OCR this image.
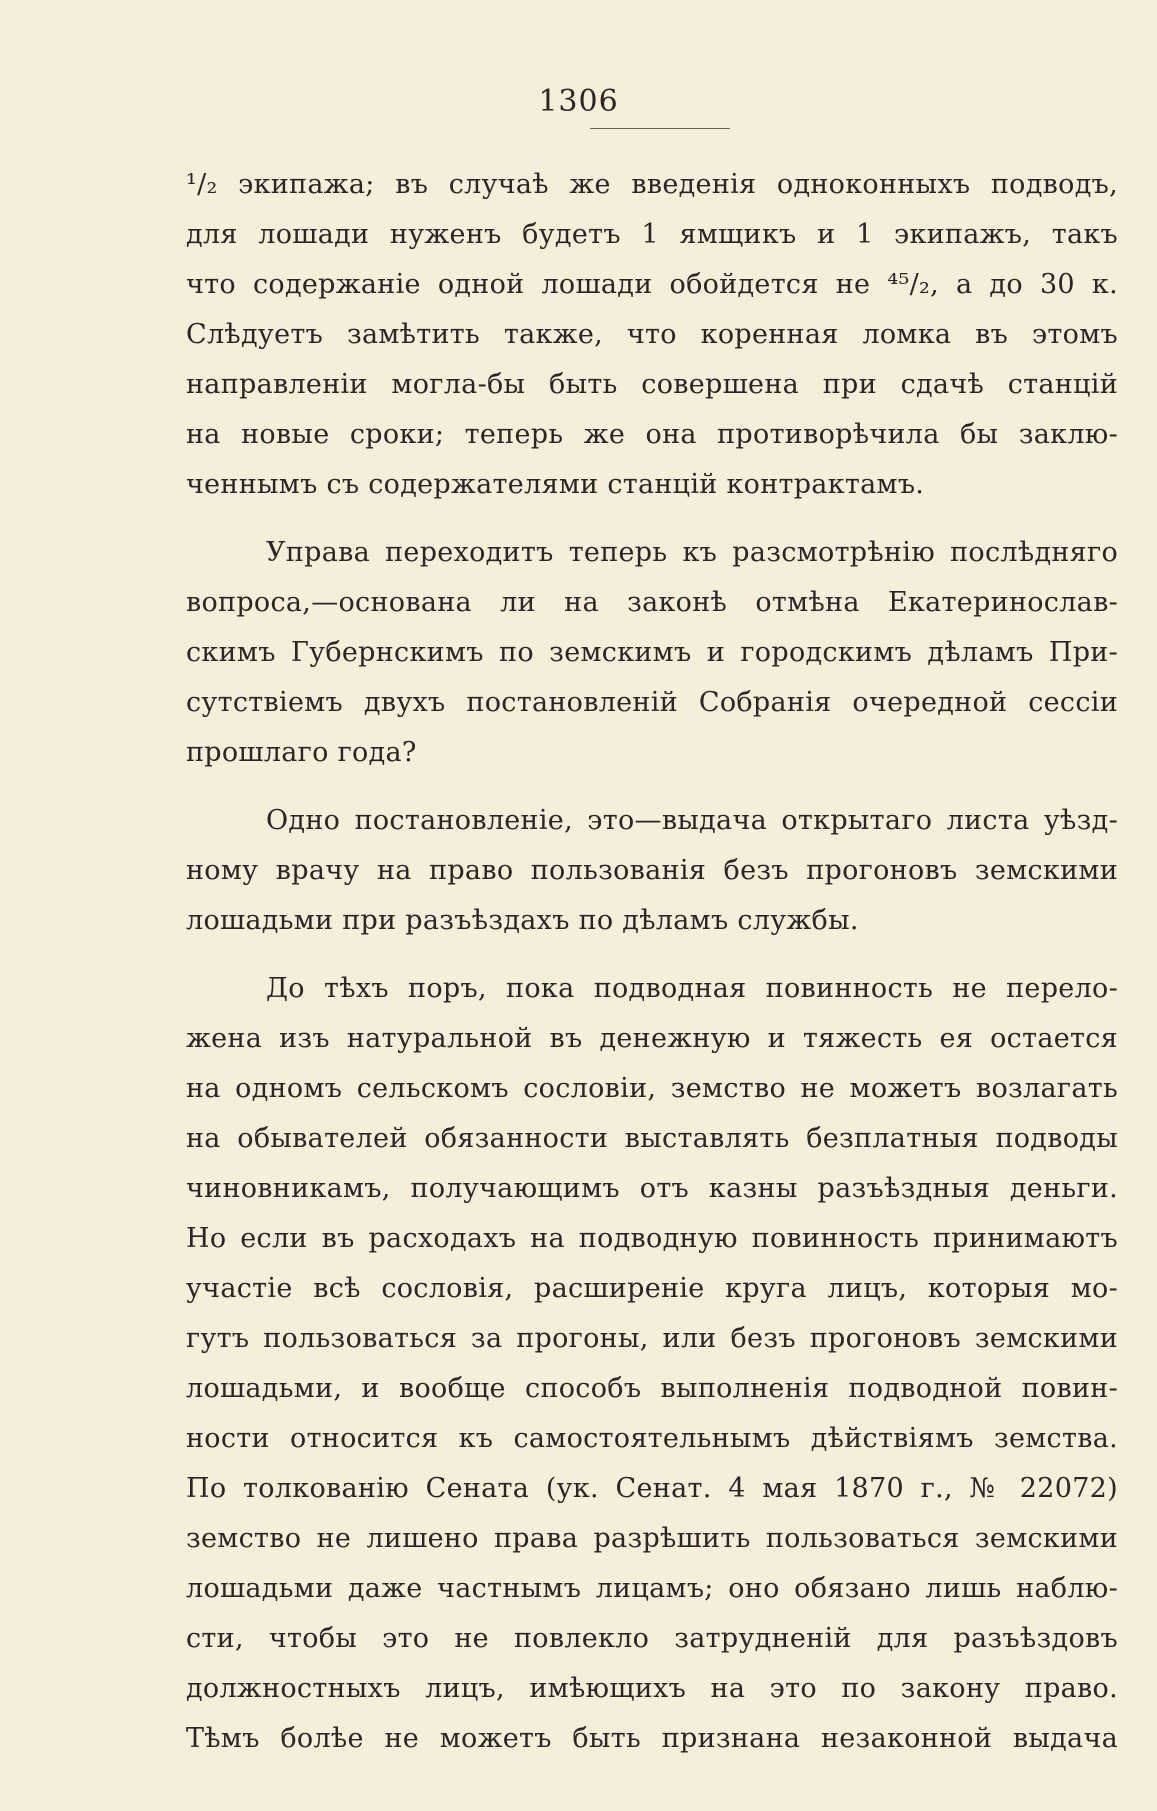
1306
¹/₂ экипажа; въ случаѣ же введенія одноконныхъ подводъ,
для лошади нуженъ будетъ 1 ямщикъ и 1 экипажъ, такъ
что содержаніе одной лошади обойдется не ⁴⁵/₂, а до 30 к.
Слѣдуетъ замѣтить также, что коренная ломка въ этомъ
направленіи могла-бы быть совершена при сдачѣ станцій
на новые сроки; теперь же она противорѣчила бы заклю-
ченнымъ съ содержателями станцій контрактамъ.
Управа переходитъ теперь къ разсмотрѣнію послѣдняго
вопроса,—основана ли на законѣ отмѣна Екатеринослав-
скимъ Губернскимъ по земскимъ и городскимъ дѣламъ При-
сутствіемъ двухъ постановленій Собранія очередной сессіи
прошлаго года?
Одно постановленіе, это—выдача открытаго листа уѣзд-
ному врачу на право пользованія безъ прогоновъ земскими
лошадьми при разъѣздахъ по дѣламъ службы.
До тѣхъ поръ, пока подводная повинность не перело-
жена изъ натуральной въ денежную и тяжесть ея остается
на одномъ сельскомъ сословіи, земство не можетъ возлагать
на обывателей обязанности выставлять безплатныя подводы
чиновникамъ, получающимъ отъ казны разъѣздныя деньги.
Но если въ расходахъ на подводную повинность принимаютъ
участіе всѣ сословія, расширеніе круга лицъ, которыя мо-
гутъ пользоваться за прогоны, или безъ прогоновъ земскими
лошадьми, и вообще способъ выполненія подводной повин-
ности относится къ самостоятельнымъ дѣйствіямъ земства.
По толкованію Сената (ук. Сенат. 4 мая 1870 г., № 22072)
земство не лишено права разрѣшить пользоваться земскими
лошадьми даже частнымъ лицамъ; оно обязано лишь наблю-
сти, чтобы это не повлекло затрудненій для разъѣздовъ
должностныхъ лицъ, имѣющихъ на это по закону право.
Тѣмъ болѣе не можетъ быть признана незаконной выдача
